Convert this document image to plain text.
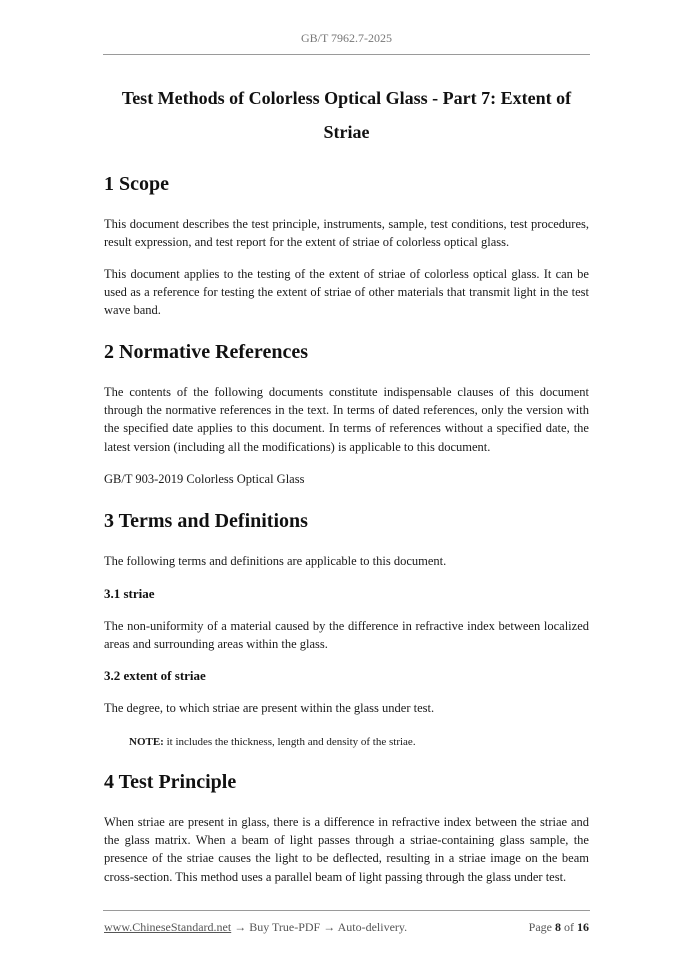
GB/T 7962.7-2025
Test Methods of Colorless Optical Glass - Part 7: Extent of
Striae
1 Scope
This document describes the test principle, instruments, sample, test conditions, test procedures, result expression, and test report for the extent of striae of colorless optical glass.
This document applies to the testing of the extent of striae of colorless optical glass. It can be used as a reference for testing the extent of striae of other materials that transmit light in the test wave band.
2 Normative References
The contents of the following documents constitute indispensable clauses of this document through the normative references in the text. In terms of dated references, only the version with the specified date applies to this document. In terms of references without a specified date, the latest version (including all the modifications) is applicable to this document.
GB/T 903-2019 Colorless Optical Glass
3 Terms and Definitions
The following terms and definitions are applicable to this document.
3.1 striae
The non-uniformity of a material caused by the difference in refractive index between localized areas and surrounding areas within the glass.
3.2 extent of striae
The degree, to which striae are present within the glass under test.
NOTE: it includes the thickness, length and density of the striae.
4 Test Principle
When striae are present in glass, there is a difference in refractive index between the striae and the glass matrix. When a beam of light passes through a striae-containing glass sample, the presence of the striae causes the light to be deflected, resulting in a striae image on the beam cross-section. This method uses a parallel beam of light passing through the glass under test.
www.ChineseStandard.net → Buy True-PDF → Auto-delivery.	Page 8 of 16
